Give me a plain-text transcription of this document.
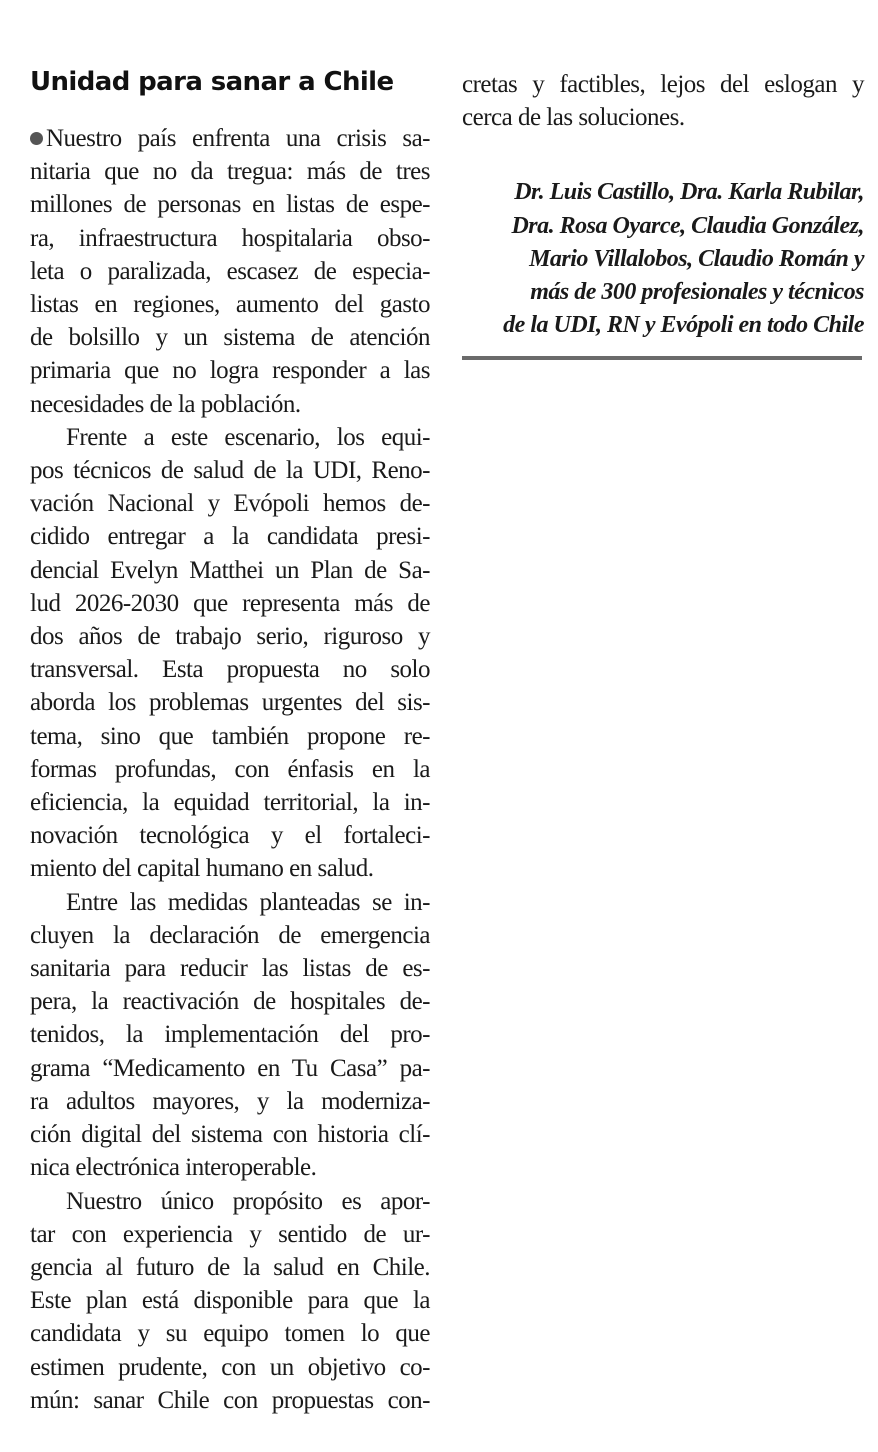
Unidad para sanar a Chile
Nuestro país enfrenta una crisis sa-
nitaria que no da tregua: más de tres
millones de personas en listas de espe-
ra, infraestructura hospitalaria obso-
leta o paralizada, escasez de especia-
listas en regiones, aumento del gasto
de bolsillo y un sistema de atención
primaria que no logra responder a las
necesidades de la población.
Frente a este escenario, los equi-
pos técnicos de salud de la UDI, Reno-
vación Nacional y Evópoli hemos de-
cidido entregar a la candidata presi-
dencial Evelyn Matthei un Plan de Sa-
lud 2026-2030 que representa más de
dos años de trabajo serio, riguroso y
transversal. Esta propuesta no solo
aborda los problemas urgentes del sis-
tema, sino que también propone re-
formas profundas, con énfasis en la
eficiencia, la equidad territorial, la in-
novación tecnológica y el fortaleci-
miento del capital humano en salud.
Entre las medidas planteadas se in-
cluyen la declaración de emergencia
sanitaria para reducir las listas de es-
pera, la reactivación de hospitales de-
tenidos, la implementación del pro-
grama “Medicamento en Tu Casa” pa-
ra adultos mayores, y la moderniza-
ción digital del sistema con historia clí-
nica electrónica interoperable.
Nuestro único propósito es apor-
tar con experiencia y sentido de ur-
gencia al futuro de la salud en Chile.
Este plan está disponible para que la
candidata y su equipo tomen lo que
estimen prudente, con un objetivo co-
mún: sanar Chile con propuestas con-
cretas y factibles, lejos del eslogan y
cerca de las soluciones.
Dr. Luis Castillo, Dra. Karla Rubilar,
Dra. Rosa Oyarce, Claudia González,
Mario Villalobos, Claudio Román y
más de 300 profesionales y técnicos
de la UDI, RN y Evópoli en todo Chile
